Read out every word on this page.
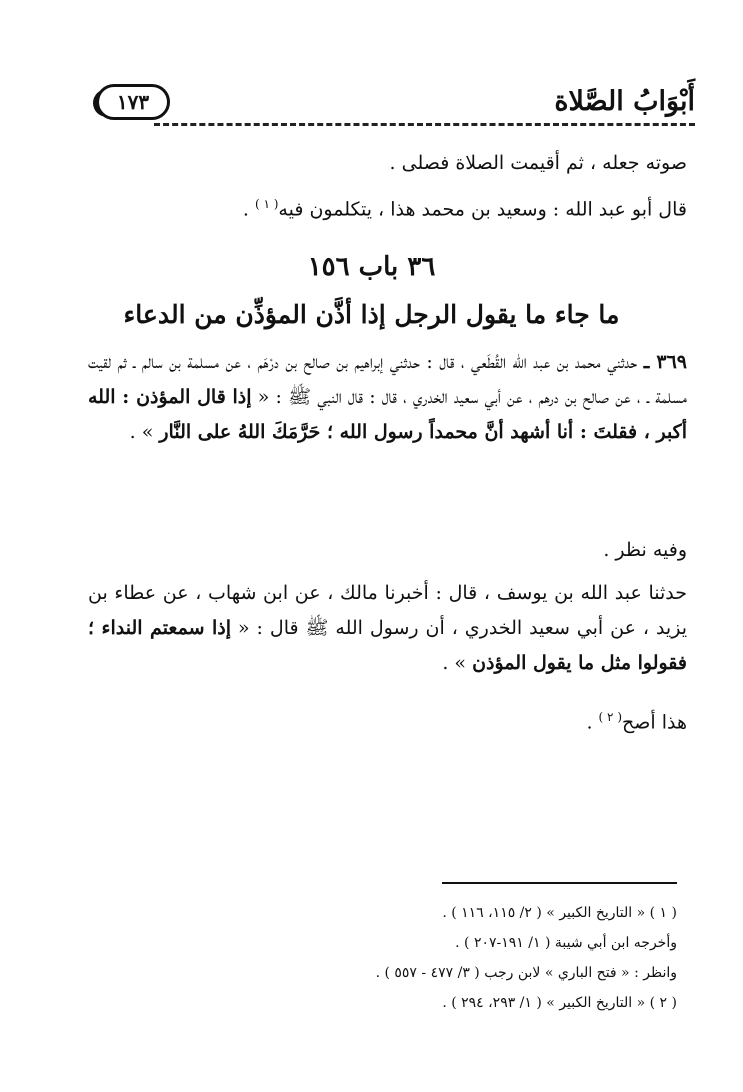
أَبْوَابُ الصَّلاة
١٧٣
صوته جعله ، ثم أقيمت الصلاة فصلى .
قال أبو عبد الله : وسعيد بن محمد هذا ، يتكلمون فيه$^{( ١ )}$ .
٣٦ باب ١٥٦
ما جاء ما يقول الرجل إذا أذَّن المؤذِّن من الدعاء
٣٦٩ ـ حدثني محمد بن عبد الله القُطَعي ، قال : حدثني إبراهيم بن صالح بن درْهَم ، عن مسلمة بن سالم ـ ثم لقيت مسلمة ـ ، عن صالح بن درهم ، عن أبي سعيد الخدري ، قال : قال النبي ﷺ : « إذا قال المؤذن : الله أكبر ، فقلتَ : أنا أشهد أنَّ محمداً رسول الله ؛ حَرَّمَكَ اللهُ على النَّار » .
وفيه نظر .
حدثنا عبد الله بن يوسف ، قال : أخبرنا مالك ، عن ابن شهاب ، عن عطاء بن يزيد ، عن أبي سعيد الخدري ، أن رسول الله ﷺ قال : « إذا سمعتم النداء ؛ فقولوا مثل ما يقول المؤذن » .
هذا أصح$^{( ٢ )}$ .
( ١ ) « التاريخ الكبير » ( ٢/ ١١٥، ١١٦ ) .
وأخرجه ابن أبي شيبة ( ١/ ١٩١-٢٠٧ ) .
وانظر : « فتح الباري » لابن رجب ( ٣/ ٤٧٧ - ٥٥٧ ) .
( ٢ ) « التاريخ الكبير » ( ١/ ٢٩٣، ٢٩٤ ) .
